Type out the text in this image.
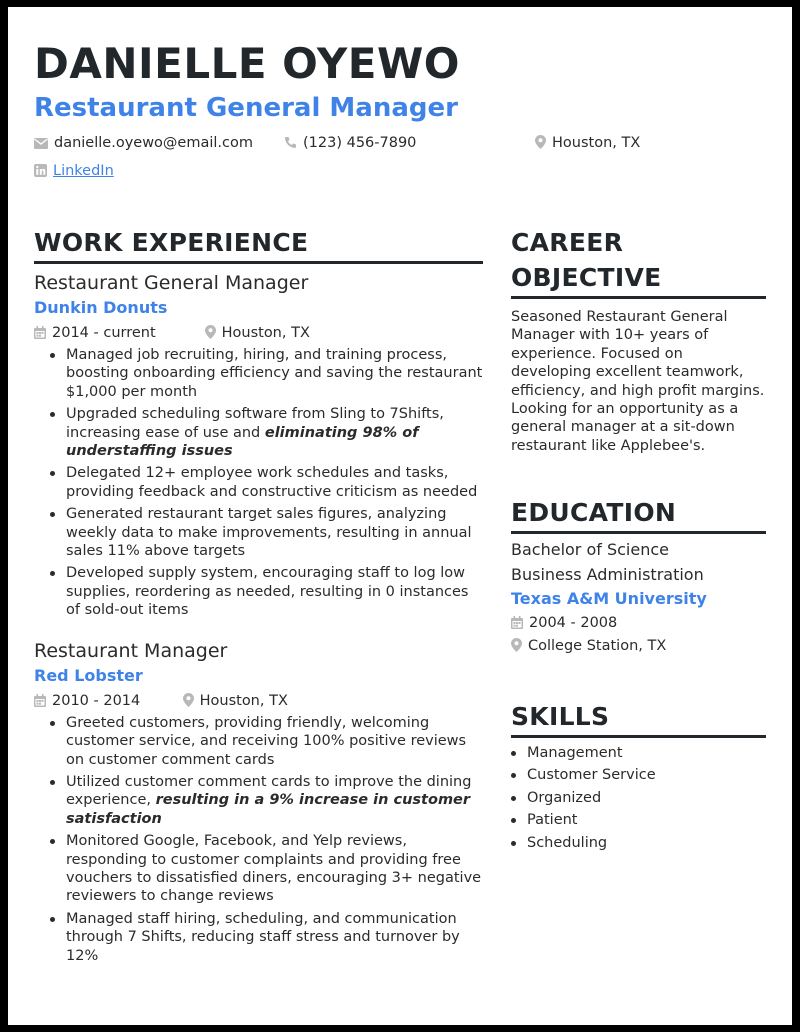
DANIELLE OYEWO
Restaurant General Manager
danielle.oyewo@email.com	(123) 456-7890	Houston, TX
LinkedIn
WORK EXPERIENCE
Restaurant General Manager
Dunkin Donuts
2014 - current	Houston, TX
Managed job recruiting, hiring, and training process, boosting onboarding efficiency and saving the restaurant $1,000 per month
Upgraded scheduling software from Sling to 7Shifts, increasing ease of use and eliminating 98% of understaffing issues
Delegated 12+ employee work schedules and tasks, providing feedback and constructive criticism as needed
Generated restaurant target sales figures, analyzing weekly data to make improvements, resulting in annual sales 11% above targets
Developed supply system, encouraging staff to log low supplies, reordering as needed, resulting in 0 instances of sold-out items
Restaurant Manager
Red Lobster
2010 - 2014	Houston, TX
Greeted customers, providing friendly, welcoming customer service, and receiving 100% positive reviews on customer comment cards
Utilized customer comment cards to improve the dining experience, resulting in a 9% increase in customer satisfaction
Monitored Google, Facebook, and Yelp reviews, responding to customer complaints and providing free vouchers to dissatisfied diners, encouraging 3+ negative reviewers to change reviews
Managed staff hiring, scheduling, and communication through 7 Shifts, reducing staff stress and turnover by 12%
CAREER
OBJECTIVE
Seasoned Restaurant General Manager with 10+ years of experience. Focused on developing excellent teamwork, efficiency, and high profit margins. Looking for an opportunity as a general manager at a sit-down restaurant like Applebee's.
EDUCATION
Bachelor of Science
Business Administration
Texas A&M University
2004 - 2008
College Station, TX
SKILLS
Management
Customer Service
Organized
Patient
Scheduling
